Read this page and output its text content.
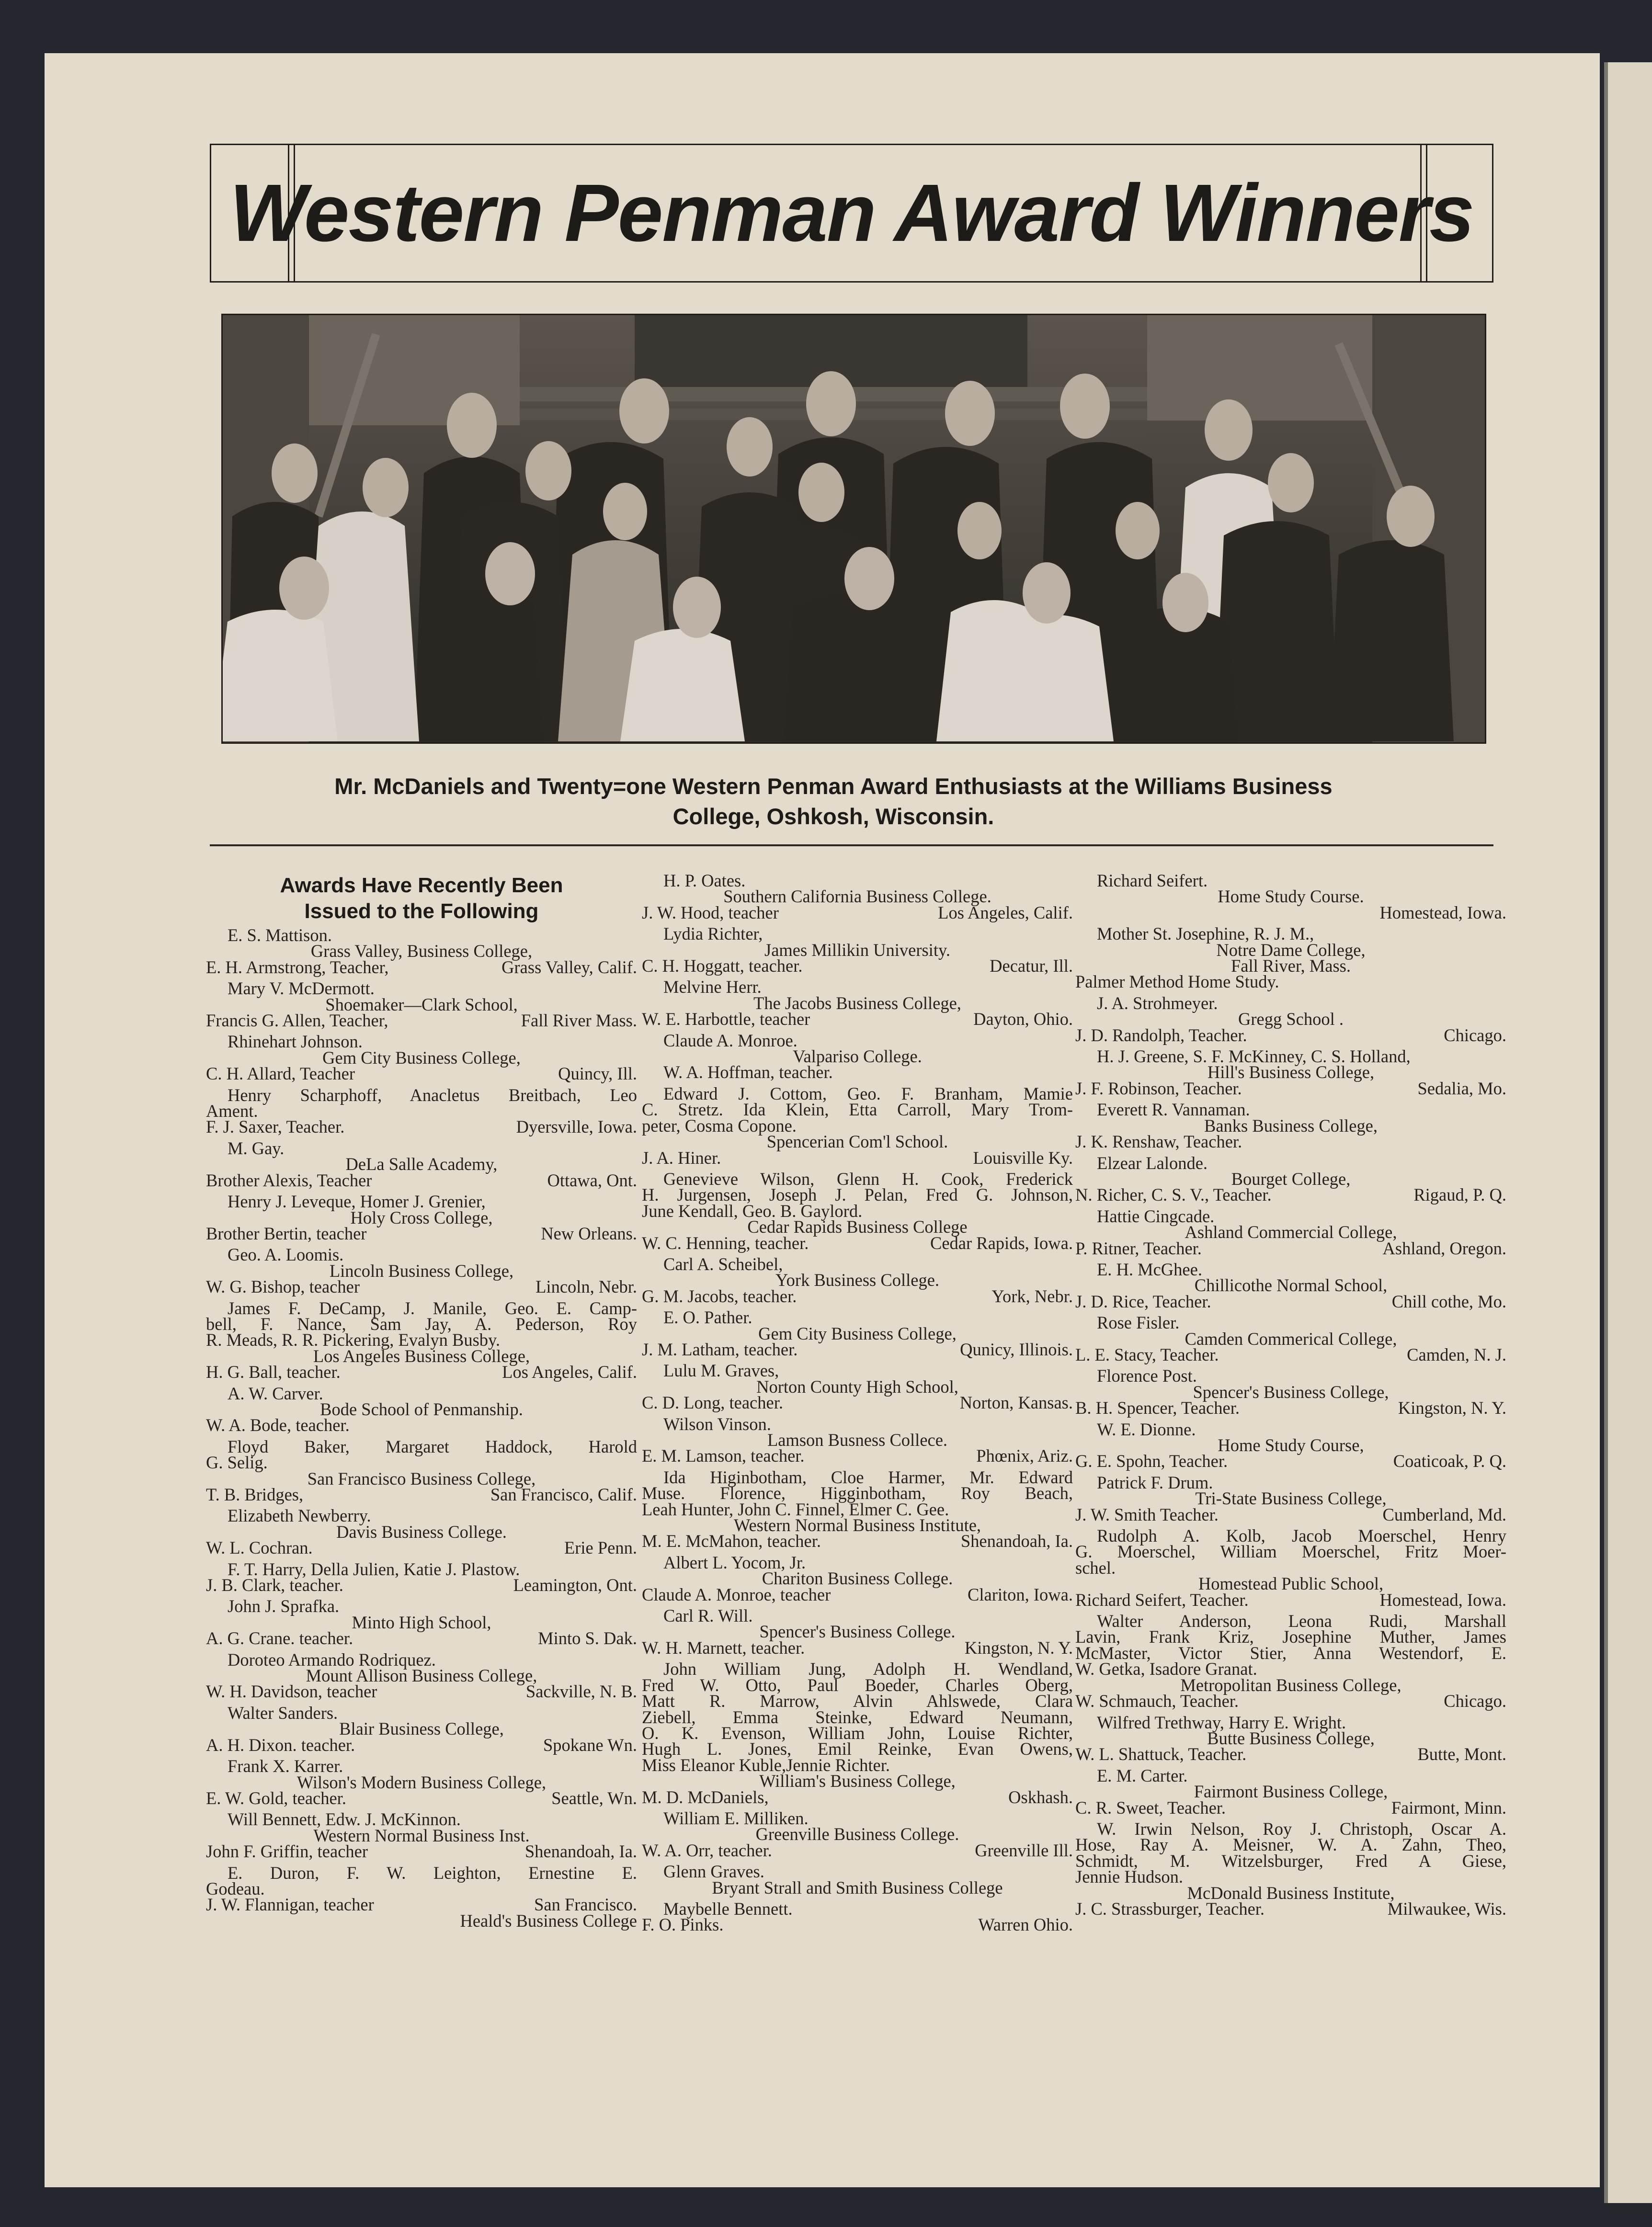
Western Penman Award Winners
Mr. McDaniels and Twenty=one Western Penman Award Enthusiasts at the Williams Business
College, Oshkosh, Wisconsin.
Awards Have Recently Been
Issued to the Following
E. S. Mattison.
Grass Valley, Business College,
E. H. Armstrong, Teacher,	Grass Valley, Calif.
Mary V. McDermott.
Shoemaker—Clark School,
Francis G. Allen, Teacher,	Fall River Mass.
Rhinehart Johnson.
Gem City Business College,
C. H. Allard, Teacher	Quincy, Ill.
Henry Scharphoff, Anacletus Breitbach, Leo
Ament.
F. J. Saxer, Teacher.	Dyersville, Iowa.
M. Gay.
DeLa Salle Academy,
Brother Alexis, Teacher	Ottawa, Ont.
Henry J. Leveque, Homer J. Grenier,
Holy Cross College,
Brother Bertin, teacher	New Orleans.
Geo. A. Loomis.
Lincoln Business College,
W. G. Bishop, teacher	Lincoln, Nebr.
James F. DeCamp, J. Manile, Geo. E. Camp-
bell, F. Nance, Sam Jay, A. Pederson, Roy
R. Meads, R. R. Pickering, Evalyn Busby.
Los Angeles Business College,
H. G. Ball, teacher.	Los Angeles, Calif.
A. W. Carver.
Bode School of Penmanship.
W. A. Bode, teacher.
Floyd Baker, Margaret Haddock, Harold
G. Selig.
San Francisco Business College,
T. B. Bridges,	San Francisco, Calif.
Elizabeth Newberry.
Davis Business College.
W. L. Cochran.	Erie Penn.
F. T. Harry, Della Julien, Katie J. Plastow.
J. B. Clark, teacher.	Leamington, Ont.
John J. Sprafka.
Minto High School,
A. G. Crane. teacher.	Minto S. Dak.
Doroteo Armando Rodriquez.
Mount Allison Business College,
W. H. Davidson, teacher	Sackville, N. B.
Walter Sanders.
Blair Business College,
A. H. Dixon. teacher.	Spokane Wn.
Frank X. Karrer.
Wilson's Modern Business College,
E. W. Gold, teacher.	Seattle, Wn.
Will Bennett, Edw. J. McKinnon.
Western Normal Business Inst.
John F. Griffin, teacher	Shenandoah, Ia.
E. Duron, F. W. Leighton, Ernestine E.
Godeau.
J. W. Flannigan, teacher	San Francisco.
Heald's Business College
H. P. Oates.
Southern California Business College.
J. W. Hood, teacher	Los Angeles, Calif.
Lydia Richter,
James Millikin University.
C. H. Hoggatt, teacher.	Decatur, Ill.
Melvine Herr.
The Jacobs Business College,
W. E. Harbottle, teacher	Dayton, Ohio.
Claude A. Monroe.
Valpariso College.
W. A. Hoffman, teacher.
Edward J. Cottom, Geo. F. Branham, Mamie
C. Stretz. Ida Klein, Etta Carroll, Mary Trom-
peter, Cosma Copone.
Spencerian Com'l School.
J. A. Hiner.	Louisville Ky.
Genevieve Wilson, Glenn H. Cook, Frederick
H. Jurgensen, Joseph J. Pelan, Fred G. Johnson,
June Kendall, Geo. B. Gaylord.
Cedar Rapids Business College
W. C. Henning, teacher.	Cedar Rapids, Iowa.
Carl A. Scheibel,
York Business College.
G. M. Jacobs, teacher.	York, Nebr.
E. O. Pather.
Gem City Business College,
J. M. Latham, teacher.	Qunicy, Illinois.
Lulu M. Graves,
Norton County High School,
C. D. Long, teacher.	Norton, Kansas.
Wilson Vinson.
Lamson Busness Collece.
E. M. Lamson, teacher.	Phœnix, Ariz.
Ida Higinbotham, Cloe Harmer, Mr. Edward
Muse. Florence, Higginbotham, Roy Beach,
Leah Hunter, John C. Finnel, Elmer C. Gee.
Western Normal Business Institute,
M. E. McMahon, teacher.	Shenandoah, Ia.
Albert L. Yocom, Jr.
Chariton Business College.
Claude A. Monroe, teacher	Clariton, Iowa.
Carl R. Will.
Spencer's Business College.
W. H. Marnett, teacher.	Kingston, N. Y.
John William Jung, Adolph H. Wendland,
Fred W. Otto, Paul Boeder, Charles Oberg,
Matt R. Marrow, Alvin Ahlswede, Clara
Ziebell, Emma Steinke, Edward Neumann,
O. K. Evenson, William John, Louise Richter,
Hugh L. Jones, Emil Reinke, Evan Owens,
Miss Eleanor Kuble,Jennie Richter.
William's Business College,
M. D. McDaniels,	Oskhash.
William E. Milliken.
Greenville Business College.
W. A. Orr, teacher.	Greenville Ill.
Glenn Graves.
Bryant Strall and Smith Business College
Maybelle Bennett.
F. O. Pinks.	Warren Ohio.
Richard Seifert.
Home Study Course.
Homestead, Iowa.
Mother St. Josephine, R. J. M.,
Notre Dame College,
Fall River, Mass.
Palmer Method Home Study.
J. A. Strohmeyer.
Gregg School .
J. D. Randolph, Teacher.	Chicago.
H. J. Greene, S. F. McKinney, C. S. Holland,
Hill's Business College,
J. F. Robinson, Teacher.	Sedalia, Mo.
Everett R. Vannaman.
Banks Business College,
J. K. Renshaw, Teacher.
Elzear Lalonde.
Bourget College,
N. Richer, C. S. V., Teacher.	Rigaud, P. Q.
Hattie Cingcade.
Ashland Commercial College,
P. Ritner, Teacher.	Ashland, Oregon.
E. H. McGhee.
Chillicothe Normal School,
J. D. Rice, Teacher.	Chill cothe, Mo.
Rose Fisler.
Camden Commerical College,
L. E. Stacy, Teacher.	Camden, N. J.
Florence Post.
Spencer's Business College,
B. H. Spencer, Teacher.	Kingston, N. Y.
W. E. Dionne.
Home Study Course,
G. E. Spohn, Teacher.	Coaticoak, P. Q.
Patrick F. Drum.
Tri-State Business College,
J. W. Smith Teacher.	Cumberland, Md.
Rudolph A. Kolb, Jacob Moerschel, Henry
G. Moerschel, William Moerschel, Fritz Moer-
schel.
Homestead Public School,
Richard Seifert, Teacher.	Homestead, Iowa.
Walter Anderson, Leona Rudi, Marshall
Lavin, Frank Kriz, Josephine Muther, James
McMaster, Victor Stier, Anna Westendorf, E.
W. Getka, Isadore Granat.
Metropolitan Business College,
W. Schmauch, Teacher.	Chicago.
Wilfred Trethway, Harry E. Wright.
Butte Business College,
W. L. Shattuck, Teacher.	Butte, Mont.
E. M. Carter.
Fairmont Business College,
C. R. Sweet, Teacher.	Fairmont, Minn.
W. Irwin Nelson, Roy J. Christoph, Oscar A.
Hose, Ray A. Meisner, W. A. Zahn, Theo,
Schmidt, M. Witzelsburger, Fred A Giese,
Jennie Hudson.
McDonald Business Institute,
J. C. Strassburger, Teacher.	Milwaukee, Wis.
